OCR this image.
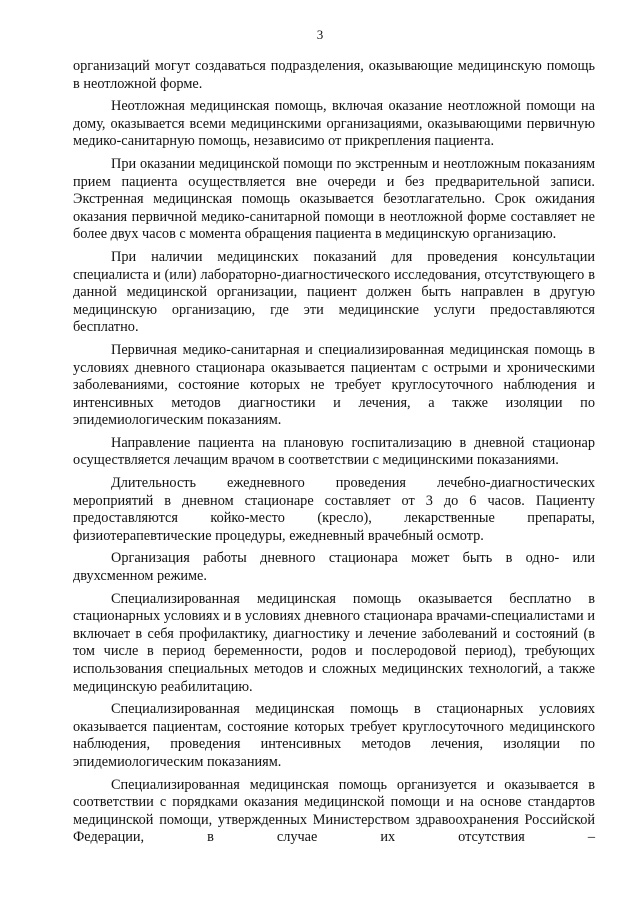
3

организаций могут создаваться подразделения, оказывающие медицинскую помощь в неотложной форме.

Неотложная медицинская помощь, включая оказание неотложной помощи на дому, оказывается всеми медицинскими организациями, оказывающими первичную медико-санитарную помощь, независимо от прикрепления пациента.

При оказании медицинской помощи по экстренным и неотложным показаниям прием пациента осуществляется вне очереди и без предварительной записи. Экстренная медицинская помощь оказывается безотлагательно. Срок ожидания оказания первичной медико-санитарной помощи в неотложной форме составляет не более двух часов с момента обращения пациента в медицинскую организацию.

При наличии медицинских показаний для проведения консультации специалиста и (или) лабораторно-диагностического исследования, отсутствующего в данной медицинской организации, пациент должен быть направлен в другую медицинскую организацию, где эти медицинские услуги предоставляются бесплатно.

Первичная медико-санитарная и специализированная медицинская помощь в условиях дневного стационара оказывается пациентам с острыми и хроническими заболеваниями, состояние которых не требует круглосуточного наблюдения и интенсивных методов диагностики и лечения, а также изоляции по эпидемиологическим показаниям.

Направление пациента на плановую госпитализацию в дневной стационар осуществляется лечащим врачом в соответствии с медицинскими показаниями.

Длительность ежедневного проведения лечебно-диагностических мероприятий в дневном стационаре составляет от 3 до 6 часов. Пациенту предоставляются койко-место (кресло), лекарственные препараты, физиотерапевтические процедуры, ежедневный врачебный осмотр.

Организация работы дневного стационара может быть в одно- или двухсменном режиме.

Специализированная медицинская помощь оказывается бесплатно в стационарных условиях и в условиях дневного стационара врачами-специалистами и включает в себя профилактику, диагностику и лечение заболеваний и состояний (в том числе в период беременности, родов и послеродовой период), требующих использования специальных методов и сложных медицинских технологий, а также медицинскую реабилитацию.

Специализированная медицинская помощь в стационарных условиях оказывается пациентам, состояние которых требует круглосуточного медицинского наблюдения, проведения интенсивных методов лечения, изоляции по эпидемиологическим показаниям.

Специализированная медицинская помощь организуется и оказывается в соответствии с порядками оказания медицинской помощи и на основе стандартов медицинской помощи, утвержденных Министерством здравоохранения Российской Федерации, в случае их отсутствия –
